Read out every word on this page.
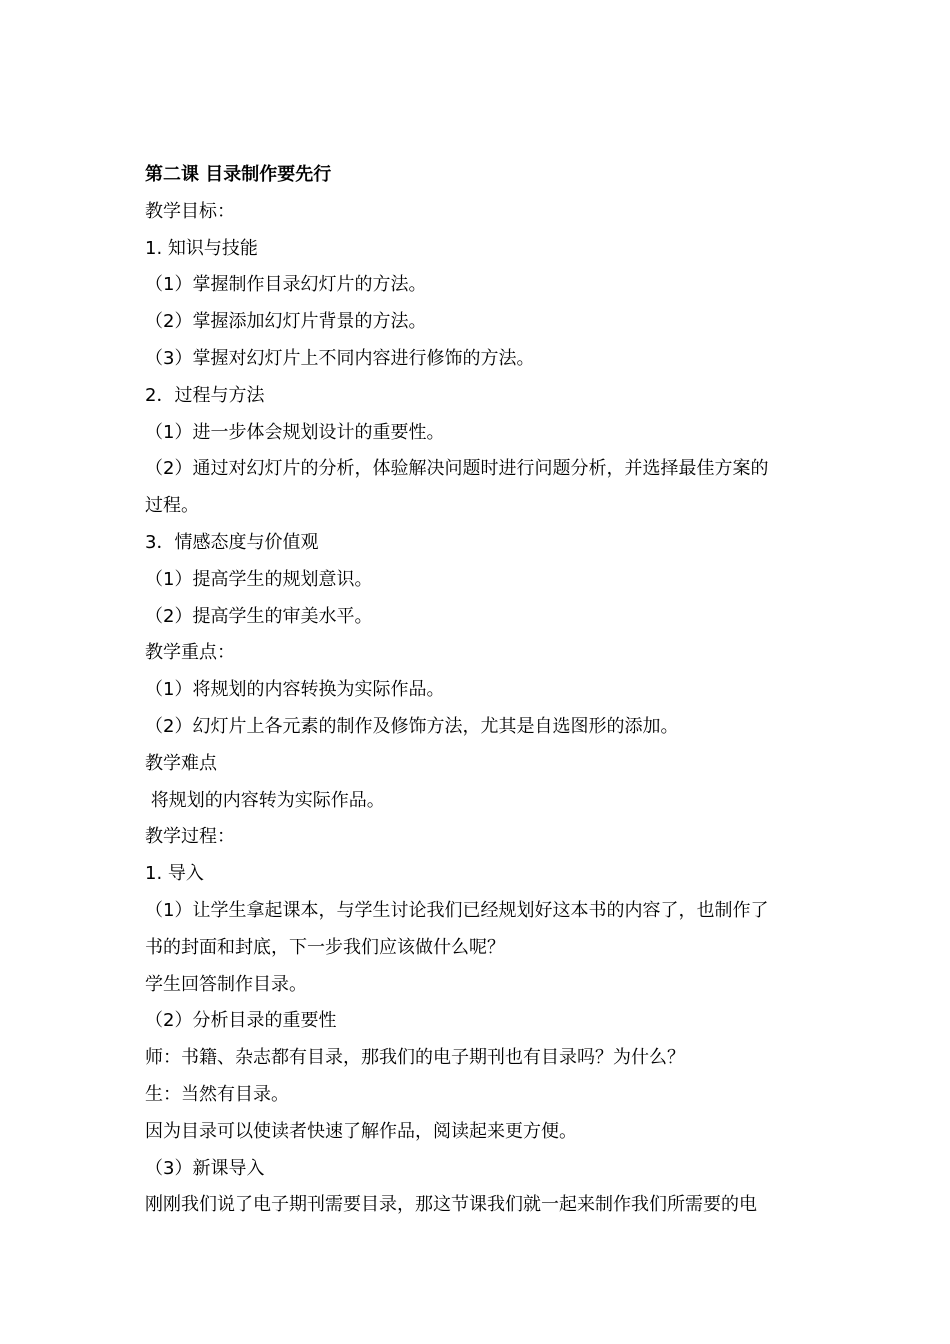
第二课 目录制作要先行
教学目标：
1. 知识与技能
（1）掌握制作目录幻灯片的方法。
（2）掌握添加幻灯片背景的方法。
（3）掌握对幻灯片上不同内容进行修饰的方法。
2．过程与方法
（1）进一步体会规划设计的重要性。
（2）通过对幻灯片的分析，体验解决问题时进行问题分析，并选择最佳方案的
过程。
3．情感态度与价值观
（1）提高学生的规划意识。
（2）提高学生的审美水平。
教学重点：
（1）将规划的内容转换为实际作品。
（2）幻灯片上各元素的制作及修饰方法，尤其是自选图形的添加。
教学难点
将规划的内容转为实际作品。
教学过程：
1. 导入
（1）让学生拿起课本，与学生讨论我们已经规划好这本书的内容了，也制作了
书的封面和封底，下一步我们应该做什么呢？
学生回答制作目录。
（2）分析目录的重要性
师：书籍、杂志都有目录，那我们的电子期刊也有目录吗？为什么？
生：当然有目录。
因为目录可以使读者快速了解作品，阅读起来更方便。
（3）新课导入
刚刚我们说了电子期刊需要目录，那这节课我们就一起来制作我们所需要的电
